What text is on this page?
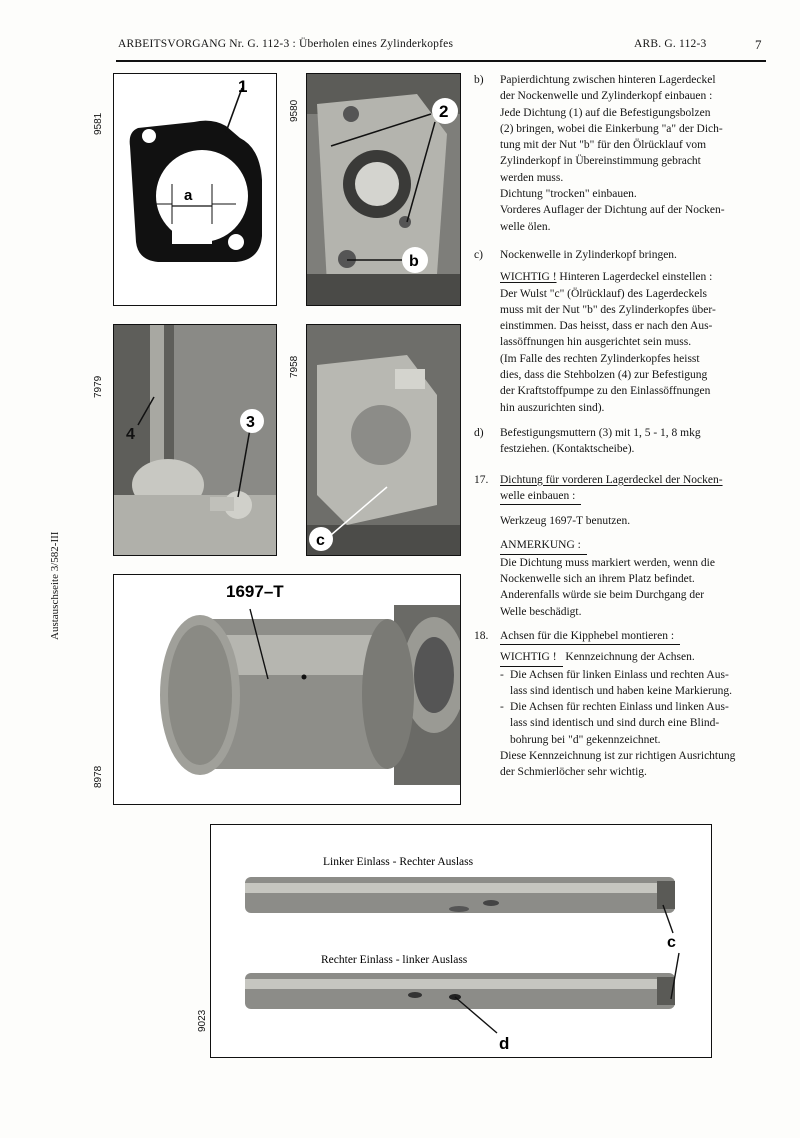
ARBEITSVORGANG Nr. G. 112-3 : Überholen eines Zylinderkopfes	ARB. G. 112-3	7
Austauschseite 3/582-III
9581
1
a
9580	2
b
7979
4
3
7958
c
8978
1697–T
9023
Linker Einlass - Rechter Auslass
Rechter Einlass - linker Auslass
c
d
b) Papierdichtung zwischen hinteren Lagerdeckel

der Nockenwelle und Zylinderkopf einbauen :

Jede Dichtung (1) auf die Befestigungsbolzen

(2) bringen, wobei die Einkerbung "a" der Dich-

tung mit der Nut "b" für den Ölrücklauf vom

Zylinderkopf in Übereinstimmung gebracht

werden muss.

Dichtung "trocken" einbauen.

Vorderes Auflager der Dichtung auf der Nocken-

welle ölen.

c) Nockenwelle in Zylinderkopf bringen.

WICHTIG ! Hinteren Lagerdeckel einstellen :

Der Wulst "c" (Ölrücklauf) des Lagerdeckels

muss mit der Nut "b" des Zylinderkopfes über-

einstimmen. Das heisst, dass er nach den Aus-

lassöffnungen hin ausgerichtet sein muss.

(Im Falle des rechten Zylinderkopfes heisst

dies, dass die Stehbolzen (4) zur Befestigung

der Kraftstoffpumpe zu den Einlassöffnungen

hin auszurichten sind).

d) Befestigungsmuttern (3) mit 1, 5 - 1, 8 mkg

festziehen. (Kontaktscheibe).

17. Dichtung für vorderen Lagerdeckel der Nocken-

welle einbauen :

Werkzeug 1697-T benutzen.

ANMERKUNG :

Die Dichtung muss markiert werden, wenn die

Nockenwelle sich an ihrem Platz befindet.

Anderenfalls würde sie beim Durchgang der

Welle beschädigt.

18. Achsen für die Kipphebel montieren :

WICHTIG ! Kennzeichnung der Achsen.

- Die Achsen für linken Einlass und rechten Aus-

lass sind identisch und haben keine Markierung.

- Die Achsen für rechten Einlass und linken Aus-

lass sind identisch und sind durch eine Blind-

bohrung bei "d" gekennzeichnet.

Diese Kennzeichnung ist zur richtigen Ausrichtung

der Schmierlöcher sehr wichtig.
